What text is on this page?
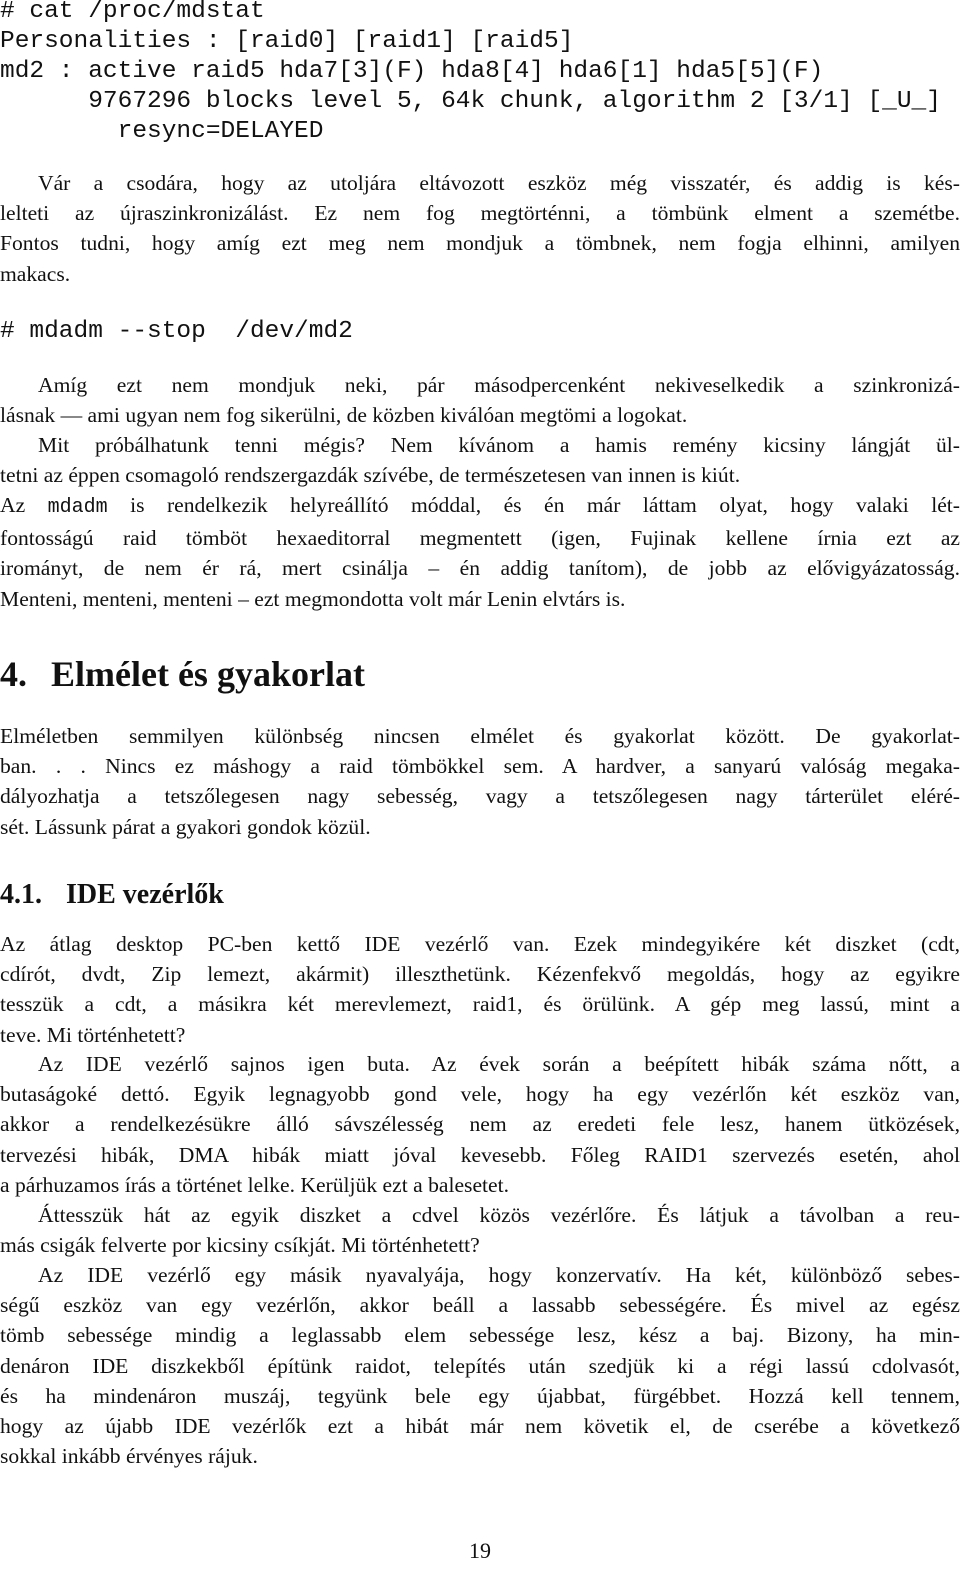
# cat /proc/mdstat
Personalities : [raid0] [raid1] [raid5]
md2 : active raid5 hda7[3](F) hda8[4] hda6[1] hda5[5](F)
9767296 blocks level 5, 64k chunk, algorithm 2 [3/1] [_U_]
resync=DELAYED

Vár a csodára, hogy az utoljára eltávozott eszköz még visszatér, és addig is kés-
lelteti az újraszinkronizálást. Ez nem fog megtörténni, a tömbünk elment a szemétbe.
Fontos tudni, hogy amíg ezt meg nem mondjuk a tömbnek, nem fogja elhinni, amilyen
makacs.

# mdadm --stop  /dev/md2

Amíg ezt nem mondjuk neki, pár másodpercenként nekiveselkedik a szinkronizá-
lásnak — ami ugyan nem fog sikerülni, de közben kiválóan megtömi a logokat.

Mit próbálhatunk tenni mégis? Nem kívánom a hamis remény kicsiny lángját ül-
tetni az éppen csomagoló rendszergazdák szívébe, de természetesen van innen is kiút.

Az mdadm is rendelkezik helyreállító móddal, és én már láttam olyat, hogy valaki lét-
fontosságú raid tömböt hexaeditorral megmentett (igen, Fujinak kellene írnia ezt az
irományt, de nem ér rá, mert csinálja – én addig tanítom), de jobb az elővigyázatosság.
Menteni, menteni, menteni – ezt megmondotta volt már Lenin elvtárs is.

4. Elmélet és gyakorlat

Elméletben semmilyen különbség nincsen elmélet és gyakorlat között. De gyakorlat-
ban. . . Nincs ez máshogy a raid tömbökkel sem. A hardver, a sanyarú valóság megaka-
dályozhatja a tetszőlegesen nagy sebesség, vagy a tetszőlegesen nagy tárterület eléré-
sét. Lássunk párat a gyakori gondok közül.

4.1. IDE vezérlők

Az átlag desktop PC-ben kettő IDE vezérlő van. Ezek mindegyikére két diszket (cdt,
cdírót, dvdt, Zip lemezt, akármit) illeszthetünk. Kézenfekvő megoldás, hogy az egyikre
tesszük a cdt, a másikra két merevlemezt, raid1, és örülünk. A gép meg lassú, mint a
teve. Mi történhetett?

Az IDE vezérlő sajnos igen buta. Az évek során a beépített hibák száma nőtt, a
butaságoké dettó. Egyik legnagyobb gond vele, hogy ha egy vezérlőn két eszköz van,
akkor a rendelkezésükre álló sávszélesség nem az eredeti fele lesz, hanem ütközések,
tervezési hibák, DMA hibák miatt jóval kevesebb. Főleg RAID1 szervezés esetén, ahol
a párhuzamos írás a történet lelke. Kerüljük ezt a balesetet.

Áttesszük hát az egyik diszket a cdvel közös vezérlőre. És látjuk a távolban a reu-
más csigák felverte por kicsiny csíkját. Mi történhetett?

Az IDE vezérlő egy másik nyavalyája, hogy konzervatív. Ha két, különböző sebes-
ségű eszköz van egy vezérlőn, akkor beáll a lassabb sebességére. És mivel az egész
tömb sebessége mindig a leglassabb elem sebessége lesz, kész a baj. Bizony, ha min-
denáron IDE diszkekből építünk raidot, telepítés után szedjük ki a régi lassú cdolvasót,
és ha mindenáron muszáj, tegyünk bele egy újabbat, fürgébbet. Hozzá kell tennem,
hogy az újabb IDE vezérlők ezt a hibát már nem követik el, de cserébe a következő
sokkal inkább érvényes rájuk.

19
